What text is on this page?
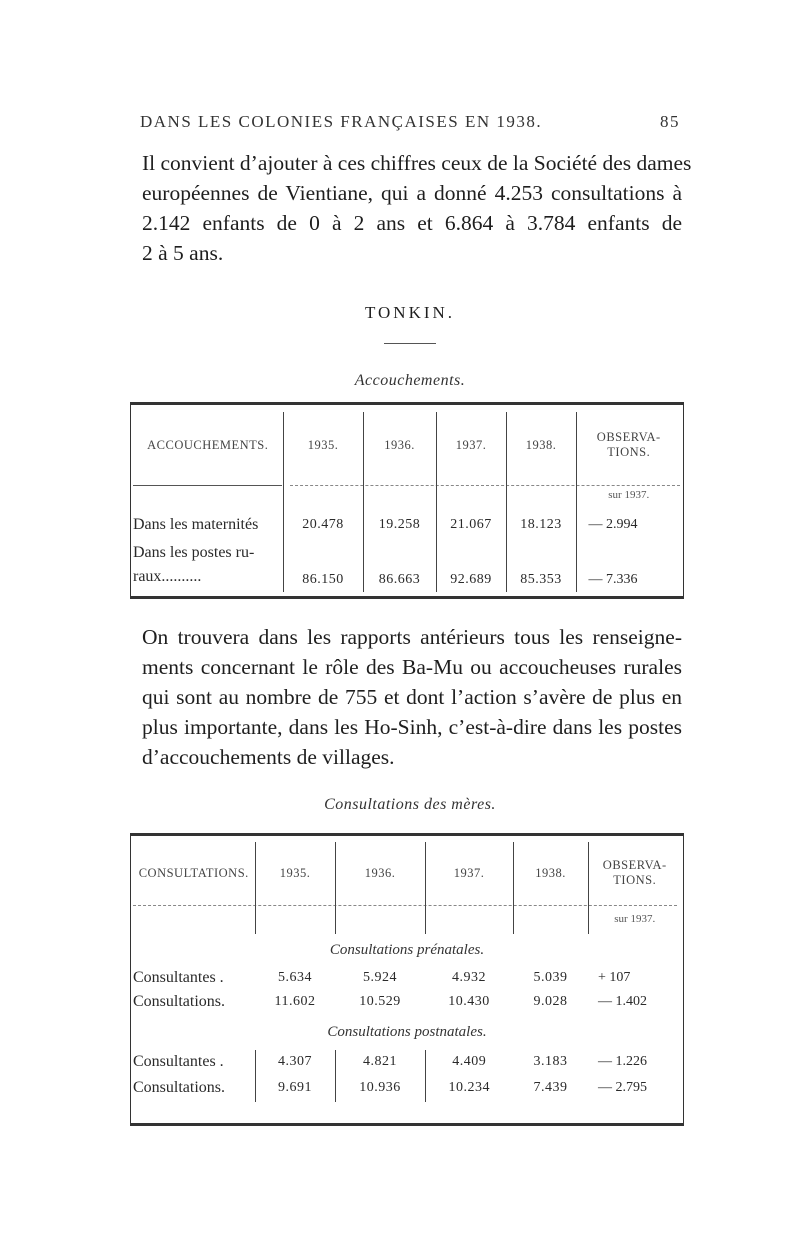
DANS LES COLONIES FRANÇAISES EN 1938.	85
Il convient d’ajouter à ces chiffres ceux de la Société des dames
européennes de Vientiane, qui a donné 4.253 consultations à
2.142 enfants de 0 à 2 ans et 6.864 à 3.784 enfants de
2 à 5 ans.
TONKIN.
Accouchements.
ACCOUCHEMENTS.	1935.	1936.	1937.	1938.	OBSERVA-
TIONS.

					sur 1937.
Dans les maternités	20.478	19.258	21.067	18.123	— 2.994

Dans les postes ru-
raux..........	86.150	86.663	92.689	85.353	— 7.336
On trouvera dans les rapports antérieurs tous les renseigne-
ments concernant le rôle des Ba-Mu ou accoucheuses rurales
qui sont au nombre de 755 et dont l’action s’avère de plus en
plus importante, dans les Ho-Sinh, c’est-à-dire dans les postes
d’accouchements de villages.
Consultations des mères.
CONSULTATIONS.	1935.	1936.	1937.	1938.	OBSERVA-
TIONS.

					sur 1937.
Consultations prénatales.					
Consultantes .	5.634	5.924	4.932	5.039	+ 107
Consultations.	11.602	10.529	10.430	9.028	— 1.402
Consultations postnatales.					
Consultantes .	4.307	4.821	4.409	3.183	— 1.226
Consultations.	9.691	10.936	10.234	7.439	— 2.795
